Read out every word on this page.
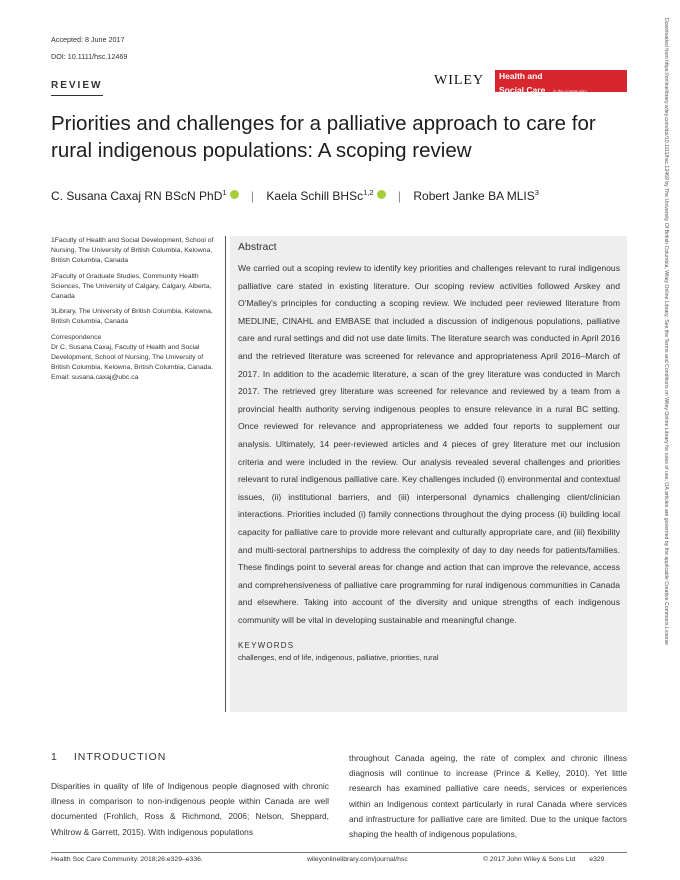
Accepted: 8 June 2017
DOI: 10.1111/hsc.12469
REVIEW	WILEY Health and
Social Care in the community
Priorities and challenges for a palliative approach to care for rural indigenous populations: A scoping review
C. Susana Caxaj RN BScN PhD$^1$ | Kaela Schill BHSc$^{1,2}$ | Robert Janke BA MLIS$^3$

1Faculty of Health and Social Development, School of Nursing, The University of British Columbia, Kelowna, British Columbia, Canada

2Faculty of Graduate Studies, Community Health Sciences, The University of Calgary, Calgary, Alberta, Canada

3Library, The University of British Columbia, Kelowna, British Columbia, Canada

Correspondence

Dr C. Susana Caxaj, Faculty of Health and Social Development, School of Nursing, The University of British Columbia, Kelowna, British Columbia, Canada.

Email: susana.caxaj@ubc.ca

Abstract
We carried out a scoping review to identify key priorities and challenges relevant to rural indigenous palliative care stated in existing literature. Our scoping review activities followed Arskey and O'Malley's principles for conducting a scoping review. We included peer reviewed literature from MEDLINE, CINAHL and EMBASE that included a discussion of indigenous populations, palliative care and rural settings and did not use date limits. The literature search was conducted in April 2016 and the retrieved literature was screened for relevance and appropriateness April 2016–March of 2017. In addition to the academic literature, a scan of the grey literature was conducted in March 2017. The retrieved grey literature was screened for relevance and reviewed by a team from a provincial health authority serving indigenous peoples to ensure relevance in a rural BC setting. Once reviewed for relevance and appropriateness we added four reports to supplement our analysis. Ultimately, 14 peer-reviewed articles and 4 pieces of grey literature met our inclusion criteria and were included in the review. Our analysis revealed several challenges and priorities relevant to rural indigenous palliative care. Key challenges included (i) environmental and contextual issues, (ii) institutional barriers, and (iii) interpersonal dynamics challenging client/clinician interactions. Priorities included (i) family connections throughout the dying process (ii) building local capacity for palliative care to provide more relevant and culturally appropriate care, and (iii) flexibility and multi-sectoral partnerships to address the complexity of day to day needs for patients/families. These findings point to several areas for change and action that can improve the relevance, access and comprehensiveness of palliative care programming for rural indigenous communities in Canada and elsewhere. Taking into account of the diversity and unique strengths of each indigenous community will be vital in developing sustainable and meaningful change.
KEYWORDS
challenges, end of life, indigenous, palliative, priorities, rural
1 INTRODUCTION
Disparities in quality of life of Indigenous people diagnosed with chronic illness in comparison to non-indigenous people within Canada are well documented (Frohlich, Ross & Richmond, 2006; Nelson, Sheppard, Whitrow & Garrett, 2015). With indigenous populations
throughout Canada ageing, the rate of complex and chronic illness diagnosis will continue to increase (Prince & Kelley, 2010). Yet little research has examined palliative care needs, services or experiences within an Indigenous context particularly in rural Canada where services and infrastructure for palliative care are limited. Due to the unique factors shaping the health of indigenous populations,
Health Soc Care Community. 2018;26:e329–e336.	wileyonlinelibrary.com/journal/hsc	© 2017 John Wiley & Sons Ltd e329
Downloaded from https://onlinelibrary.wiley.com/doi/10.1111/hsc.12469 by The University Of British Columbia, Wiley Online Library. See the Terms and Conditions on Wiley Online Library for rules of use; OA articles are governed by the applicable Creative Commons License
